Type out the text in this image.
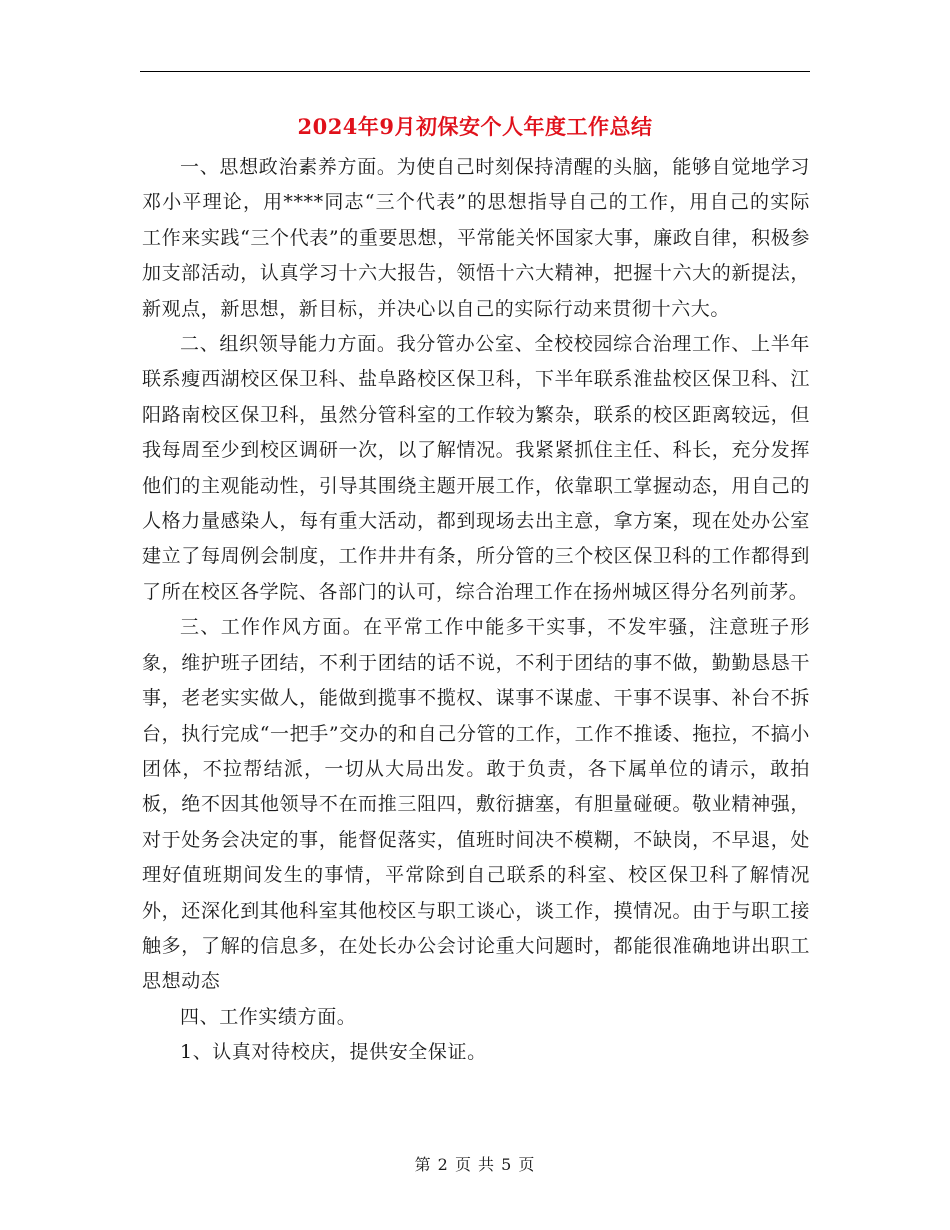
2024年9月初保安个人年度工作总结

一、思想政治素养方面。为使自己时刻保持清醒的头脑，能够自觉地学习邓小平理论，用****同志“三个代表”的思想指导自己的工作，用自己的实际工作来实践“三个代表”的重要思想，平常能关怀国家大事，廉政自律，积极参加支部活动，认真学习十六大报告，领悟十六大精神，把握十六大的新提法，新观点，新思想，新目标，并决心以自己的实际行动来贯彻十六大。

二、组织领导能力方面。我分管办公室、全校校园综合治理工作、上半年联系瘦西湖校区保卫科、盐阜路校区保卫科，下半年联系淮盐校区保卫科、江阳路南校区保卫科，虽然分管科室的工作较为繁杂，联系的校区距离较远，但我每周至少到校区调研一次，以了解情况。我紧紧抓住主任、科长，充分发挥他们的主观能动性，引导其围绕主题开展工作，依靠职工掌握动态，用自己的人格力量感染人，每有重大活动，都到现场去出主意，拿方案，现在处办公室建立了每周例会制度，工作井井有条，所分管的三个校区保卫科的工作都得到了所在校区各学院、各部门的认可，综合治理工作在扬州城区得分名列前茅。

三、工作作风方面。在平常工作中能多干实事，不发牢骚，注意班子形象，维护班子团结，不利于团结的话不说，不利于团结的事不做，勤勤恳恳干事，老老实实做人，能做到揽事不揽权、谋事不谋虚、干事不误事、补台不拆台，执行完成“一把手”交办的和自己分管的工作，工作不推诿、拖拉，不搞小团体，不拉帮结派，一切从大局出发。敢于负责，各下属单位的请示，敢拍板，绝不因其他领导不在而推三阻四，敷衍搪塞，有胆量碰硬。敬业精神强，对于处务会决定的事，能督促落实，值班时间决不模糊，不缺岗，不早退，处理好值班期间发生的事情，平常除到自己联系的科室、校区保卫科了解情况外，还深化到其他科室其他校区与职工谈心，谈工作，摸情况。由于与职工接触多，了解的信息多，在处长办公会讨论重大问题时，都能很准确地讲出职工思想动态

四、工作实绩方面。

1、认真对待校庆，提供安全保证。

第 2 页 共 5 页
